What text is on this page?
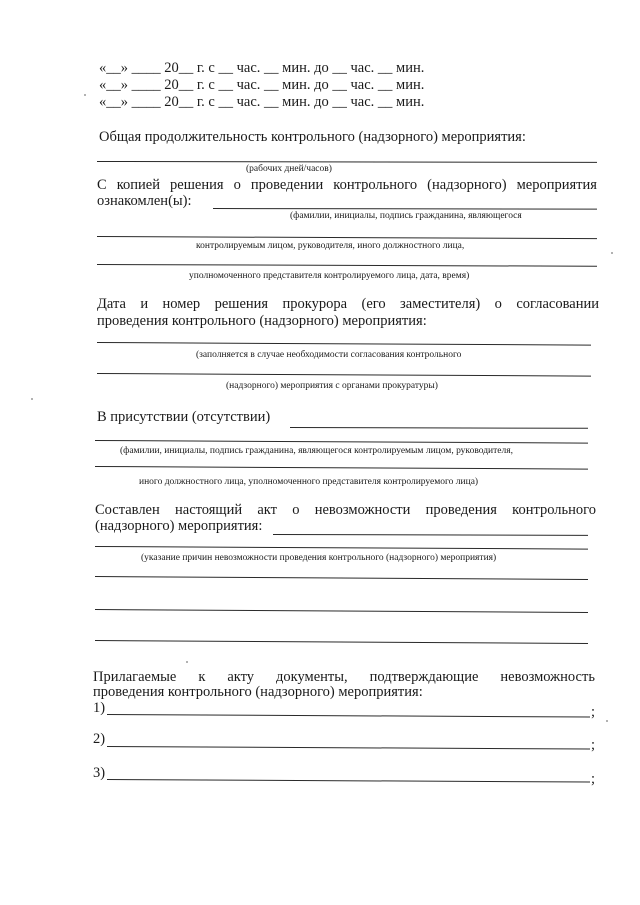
«__» ____ 20__ г. с __ час. __ мин. до __ час. __ мин.
«__» ____ 20__ г. с __ час. __ мин. до __ час. __ мин.
«__» ____ 20__ г. с __ час. __ мин. до __ час. __ мин.
Общая продолжительность контрольного (надзорного) мероприятия:
(рабочих дней/часов)
С копией решения о проведении контрольного (надзорного) мероприятия
ознакомлен(ы):
(фамилии, инициалы, подпись гражданина, являющегося
контролируемым лицом, руководителя, иного должностного лица,
уполномоченного представителя контролируемого лица, дата, время)
Дата и номер решения прокурора (его заместителя) о согласовании
проведения контрольного (надзорного) мероприятия:
(заполняется в случае необходимости согласования контрольного
(надзорного) мероприятия с органами прокуратуры)
В присутствии (отсутствии)
(фамилии, инициалы, подпись гражданина, являющегося контролируемым лицом, руководителя,
иного должностного лица, уполномоченного представителя контролируемого лица)
Составлен настоящий акт о невозможности проведения контрольного
(надзорного) мероприятия:
(указание причин невозможности проведения контрольного (надзорного) мероприятия)
Прилагаемые к акту документы, подтверждающие невозможность
проведения контрольного (надзорного) мероприятия:
1)	;
2)	;
3)	;
